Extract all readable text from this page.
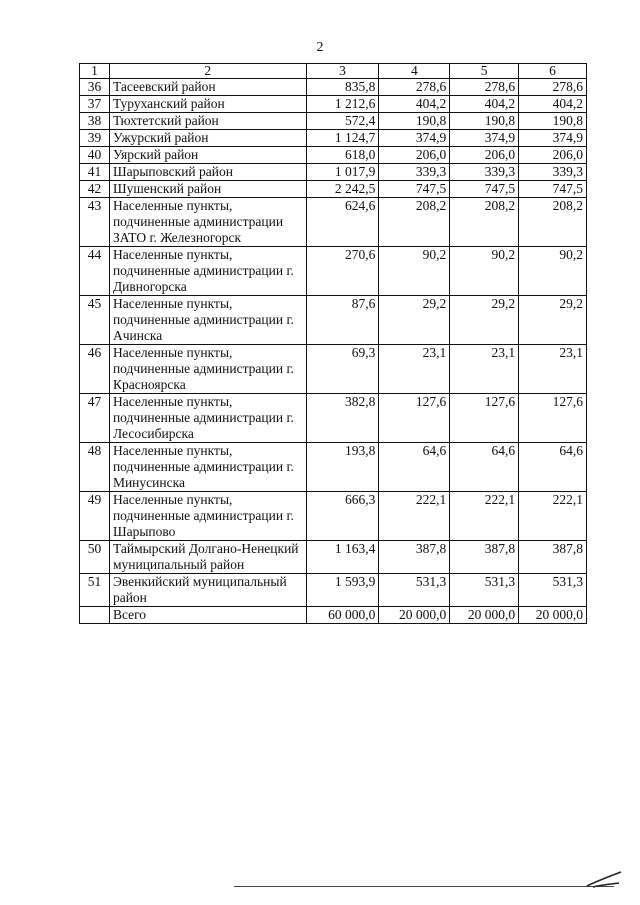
2
1	2	3	4	5	6
36	Тасеевский район	835,8	278,6	278,6	278,6
37	Туруханский район	1 212,6	404,2	404,2	404,2
38	Тюхтетский район	572,4	190,8	190,8	190,8
39	Ужурский район	1 124,7	374,9	374,9	374,9
40	Уярский район	618,0	206,0	206,0	206,0
41	Шарыповский район	1 017,9	339,3	339,3	339,3
42	Шушенский район	2 242,5	747,5	747,5	747,5
43	Населенные пункты, подчиненные администрации ЗАТО г. Железногорск	624,6	208,2	208,2	208,2
44	Населенные пункты, подчиненные администрации г. Дивногорска	270,6	90,2	90,2	90,2
45	Населенные пункты, подчиненные администрации г. Ачинска	87,6	29,2	29,2	29,2
46	Населенные пункты, подчиненные администрации г. Красноярска	69,3	23,1	23,1	23,1
47	Населенные пункты, подчиненные администрации г. Лесосибирска	382,8	127,6	127,6	127,6
48	Населенные пункты, подчиненные администрации г. Минусинска	193,8	64,6	64,6	64,6
49	Населенные пункты, подчиненные администрации г. Шарыпово	666,3	222,1	222,1	222,1
50	Таймырский Долгано-Ненецкий муниципальный район	1 163,4	387,8	387,8	387,8
51	Эвенкийский муниципальный район	1 593,9	531,3	531,3	531,3
	Всего	60 000,0	20 000,0	20 000,0	20 000,0
